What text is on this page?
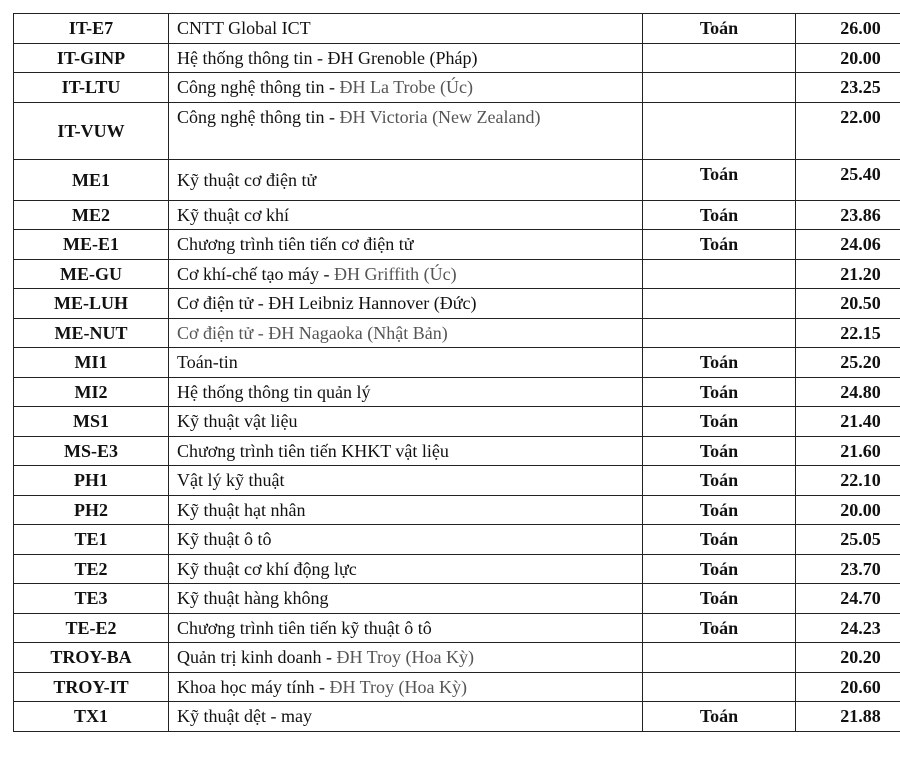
IT-E7	CNTT Global ICT	Toán	26.00
IT-GINP	Hệ thống thông tin - ĐH Grenoble (Pháp)		20.00
IT-LTU	Công nghệ thông tin - ĐH La Trobe (Úc)		23.25
IT-VUW	Công nghệ thông tin - ĐH Victoria (New Zealand)		22.00
ME1	Kỹ thuật cơ điện tử	Toán	25.40
ME2	Kỹ thuật cơ khí	Toán	23.86
ME-E1	Chương trình tiên tiến cơ điện tử	Toán	24.06
ME-GU	Cơ khí-chế tạo máy - ĐH Griffith (Úc)		21.20
ME-LUH	Cơ điện tử - ĐH Leibniz Hannover (Đức)		20.50
ME-NUT	Cơ điện tử - ĐH Nagaoka (Nhật Bản)		22.15
MI1	Toán-tin	Toán	25.20
MI2	Hệ thống thông tin quản lý	Toán	24.80
MS1	Kỹ thuật vật liệu	Toán	21.40
MS-E3	Chương trình tiên tiến KHKT vật liệu	Toán	21.60
PH1	Vật lý kỹ thuật	Toán	22.10
PH2	Kỹ thuật hạt nhân	Toán	20.00
TE1	Kỹ thuật ô tô	Toán	25.05
TE2	Kỹ thuật cơ khí động lực	Toán	23.70
TE3	Kỹ thuật hàng không	Toán	24.70
TE-E2	Chương trình tiên tiến kỹ thuật ô tô	Toán	24.23
TROY-BA	Quản trị kinh doanh - ĐH Troy (Hoa Kỳ)		20.20
TROY-IT	Khoa học máy tính - ĐH Troy (Hoa Kỳ)		20.60
TX1	Kỹ thuật dệt - may	Toán	21.88
